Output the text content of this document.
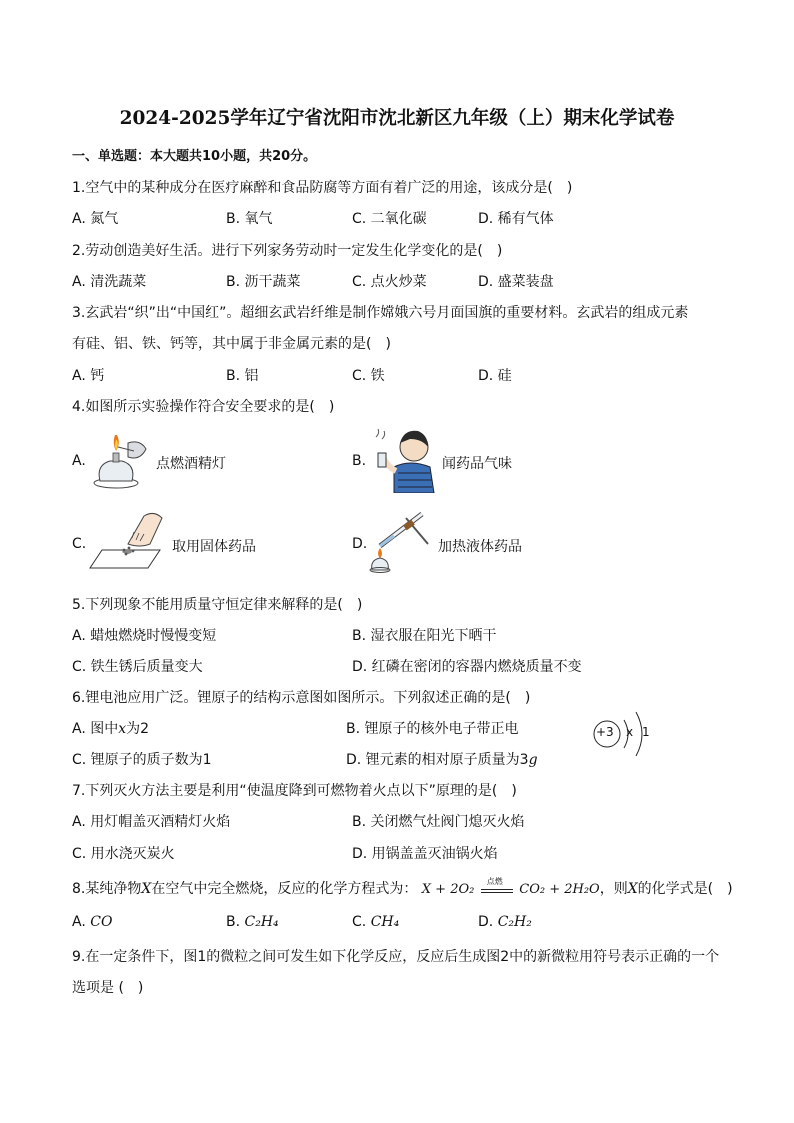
2024-2025学年辽宁省沈阳市沈北新区九年级（上）期末化学试卷
一、单选题：本大题共10小题，共20分。
1.空气中的某种成分在医疗麻醉和食品防腐等方面有着广泛的用途，该成分是(　)
A. 氮气	B. 氧气	C. 二氧化碳	D. 稀有气体
2.劳动创造美好生活。进行下列家务劳动时一定发生化学变化的是(　)
A. 清洗蔬菜	B. 沥干蔬菜	C. 点火炒菜	D. 盛菜装盘
3.玄武岩“织”出“中国红”。超细玄武岩纤维是制作嫦娥六号月面国旗的重要材料。玄武岩的组成元素
有硅、铝、铁、钙等，其中属于非金属元素的是(　)
A. 钙	B. 铝	C. 铁	D. 硅
4.如图所示实验操作符合安全要求的是(　)
A.	点燃酒精灯	B.	闻药品气味
C.	取用固体药品	D.	加热液体药品
5.下列现象不能用质量守恒定律来解释的是(　)
A. 蜡烛燃烧时慢慢变短	B. 湿衣服在阳光下晒干
C. 铁生锈后质量变大	D. 红磷在密闭的容器内燃烧质量不变
6.锂电池应用广泛。锂原子的结构示意图如图所示。下列叙述正确的是(　)
A. 图中x为2	B. 锂原子的核外电子带正电
C. 锂原子的质子数为1	D. 锂元素的相对原子质量为3g
+3 x 1
7.下列灭火方法主要是利用“使温度降到可燃物着火点以下”原理的是(　)
A. 用灯帽盖灭酒精灯火焰	B. 关闭燃气灶阀门熄灭火焰
C. 用水浇灭炭火	D. 用锅盖盖灭油锅火焰
8.某纯净物X在空气中完全燃烧，反应的化学方程式为： X + 2O₂
点燃
CO₂ + 2H₂O，则X的化学式是(　)
A. CO	B. C₂H₄	C. CH₄	D. C₂H₂
9.在一定条件下，图1的微粒之间可发生如下化学反应，反应后生成图2中的新微粒用符号表示正确的一个
选项是 (　)
